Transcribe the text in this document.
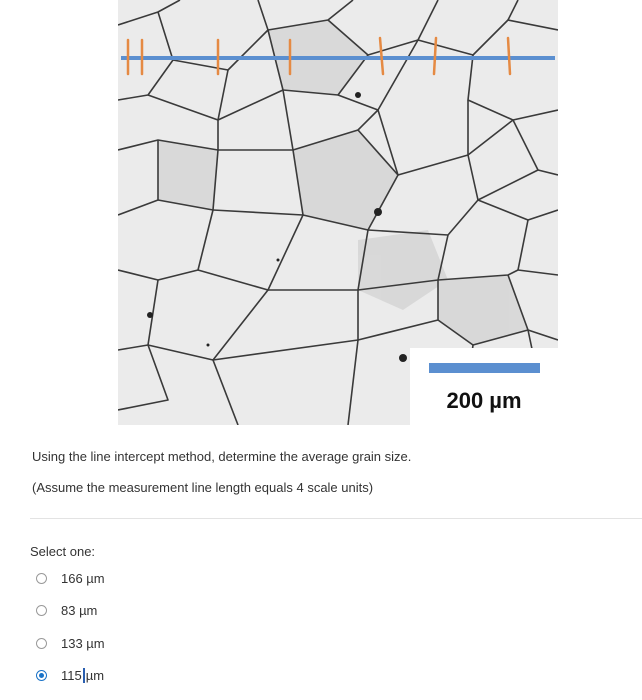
200 µm
Using the line intercept method, determine the average grain size.
(Assume the measurement line length equals 4 scale units)
Select one:
166 µm
83 µm
133 µm
115 µm
